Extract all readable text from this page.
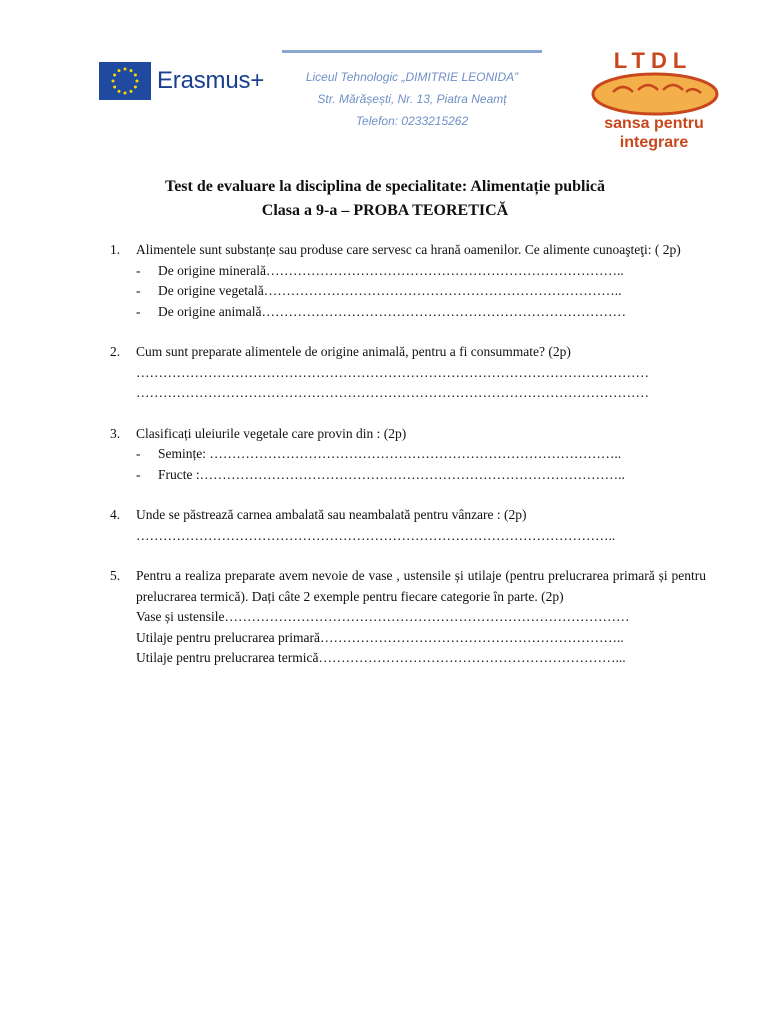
Erasmus+	Liceul Tehnologic „DIMITRIE LEONIDA”
Str. Mărășești, Nr. 13, Piatra Neamț
Telefon: 0233215262
LTDL
sansa pentru
integrare
Test de evaluare la disciplina de specialitate: Alimentație publică
Clasa a 9-a – PROBA TEORETICĂ
1. Alimentele sunt substanțe sau produse care servesc ca hrană oamenilor. Ce alimente cunoaşteţi: ( 2p)
- De origine minerală……………………………………………………………………..
- De origine vegetală……………………………………………………………………..
- De origine animală………………………………………………………………………
2. Cum sunt preparate alimentele de origine animală, pentru a fi consummate? (2p)
……………………………………………………………………………………………………
……………………………………………………………………………………………………
3. Clasificați uleiurile vegetale care provin din : (2p)
- Semințe: ………………………………………………………………………………..
- Fructe :…………………………………………………………………………………..
4. Unde se păstrează carnea ambalată sau neambalată pentru vânzare : (2p)
……………………………………………………………………………………………..
5. Pentru a realiza preparate avem nevoie de vase , ustensile și utilaje (pentru prelucrarea primară și pentru prelucrarea termică). Dați câte 2 exemple pentru fiecare categorie în parte. (2p)
Vase și ustensile………………………………………………………………………………
Utilaje pentru prelucrarea primară…………………………………………………………..
Utilaje pentru prelucrarea termică…………………………………………………………...
